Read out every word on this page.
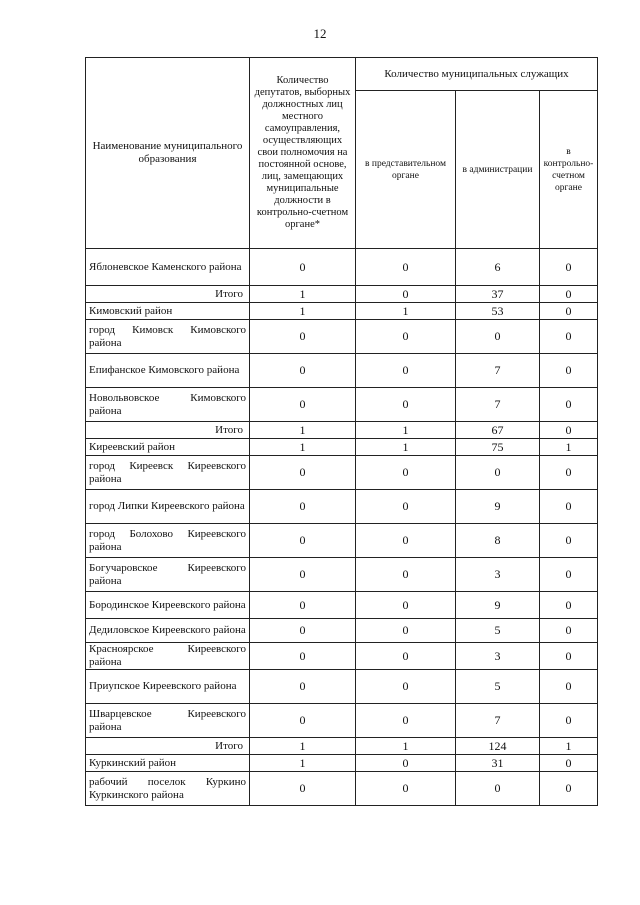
12
Наименование муниципального образования	Количество депутатов, выборных должностных лиц местного самоуправления, осуществляющих свои полномочия на постоянной основе, лиц, замещающих муниципальные должности в контрольно-счетном органе*	Количество муниципальных служащих		
		в представительном органе	в администрации	в контрольно-счетном органе
Яблоневское Каменского района	0	0	6	0
Итого	1	0	37	0
Кимовский район	1	1	53	0
город Кимовск Кимовского района	0	0	0	0
Епифанское Кимовского района	0	0	7	0
Новольвовское Кимовского района	0	0	7	0
Итого	1	1	67	0
Киреевский район	1	1	75	1
город Киреевск Киреевского района	0	0	0	0
город Липки Киреевского района	0	0	9	0
город Болохово Киреевского района	0	0	8	0
Богучаровское Киреевского района	0	0	3	0
Бородинское Киреевского района	0	0	9	0
Дедиловское Киреевского района	0	0	5	0
Красноярское Киреевского района	0	0	3	0
Приупское Киреевского района	0	0	5	0
Шварцевское Киреевского района	0	0	7	0
Итого	1	1	124	1
Куркинский район	1	0	31	0
рабочий поселок Куркино Куркинского района	0	0	0	0
